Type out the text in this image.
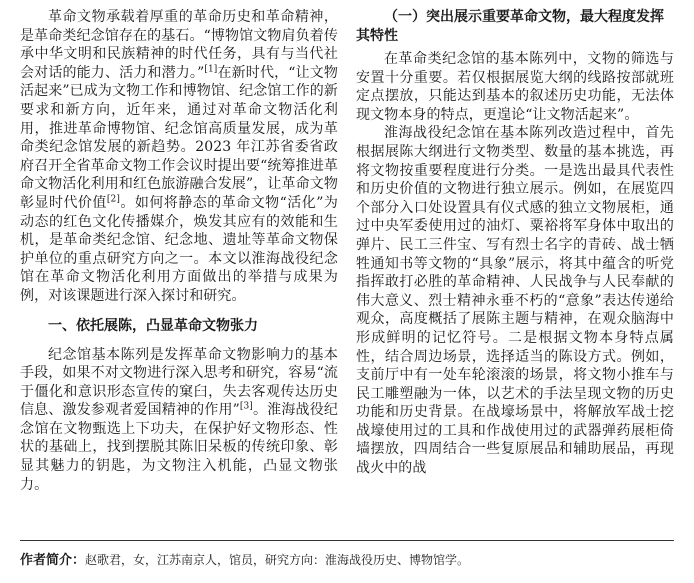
革命文物承载着厚重的革命历史和革命精神，是革命类纪念馆存在的基石。“博物馆文物肩负着传承中华文明和民族精神的时代任务，具有与当代社会对话的能力、活力和潜力。”[1]在新时代，“让文物活起来”已成为文物工作和博物馆、纪念馆工作的新要求和新方向，近年来，通过对革命文物活化利用，推进革命博物馆、纪念馆高质量发展，成为革命类纪念馆发展的新趋势。2023 年江苏省委省政府召开全省革命文物工作会议时提出要“统筹推进革命文物活化利用和红色旅游融合发展”，让革命文物彰显时代价值[2]。如何将静态的革命文物“活化”为动态的红色文化传播媒介，焕发其应有的效能和生机，是革命类纪念馆、纪念地、遗址等革命文物保护单位的重点研究方向之一。本文以淮海战役纪念馆在革命文物活化利用方面做出的举措与成果为例，对该课题进行深入探讨和研究。

一、依托展陈，凸显革命文物张力

纪念馆基本陈列是发挥革命文物影响力的基本手段，如果不对文物进行深入思考和研究，容易“流于僵化和意识形态宣传的窠臼，失去客观传达历史信息、激发参观者爱国精神的作用”[3]。淮海战役纪念馆在文物甄选上下功夫，在保护好文物形态、性状的基础上，找到摆脱其陈旧呆板的传统印象、彰显其魅力的钥匙，为文物注入机能，凸显文物张力。

（一）突出展示重要革命文物，最大程度发挥其特性

在革命类纪念馆的基本陈列中，文物的筛选与安置十分重要。若仅根据展览大纲的线路按部就班定点摆放，只能达到基本的叙述历史功能，无法体现文物本身的特点，更遑论“让文物活起来”。

淮海战役纪念馆在基本陈列改造过程中，首先根据展陈大纲进行文物类型、数量的基本挑选，再将文物按重要程度进行分类。一是选出最具代表性和历史价值的文物进行独立展示。例如，在展览四个部分入口处设置具有仪式感的独立文物展柜，通过中央军委使用过的油灯、粟裕将军身体中取出的弹片、民工三件宝、写有烈士名字的青砖、战士牺牲通知书等文物的“具象”展示，将其中蕴含的听党指挥敢打必胜的革命精神、人民战争与人民奉献的伟大意义、烈士精神永垂不朽的“意象”表达传递给观众，高度概括了展陈主题与精神，在观众脑海中形成鲜明的记忆符号。二是根据文物本身特点属性，结合周边场景，选择适当的陈设方式。例如，支前厅中有一处车轮滚滚的场景，将文物小推车与民工雕塑融为一体，以艺术的手法呈现文物的历史功能和历史背景。在战壕场景中，将解放军战士挖战壕使用过的工具和作战使用过的武器弹药展柜倚墙摆放，四周结合一些复原展品和辅助展品，再现战火中的战

作者简介：赵歌君，女，江苏南京人，馆员，研究方向：淮海战役历史、博物馆学。
